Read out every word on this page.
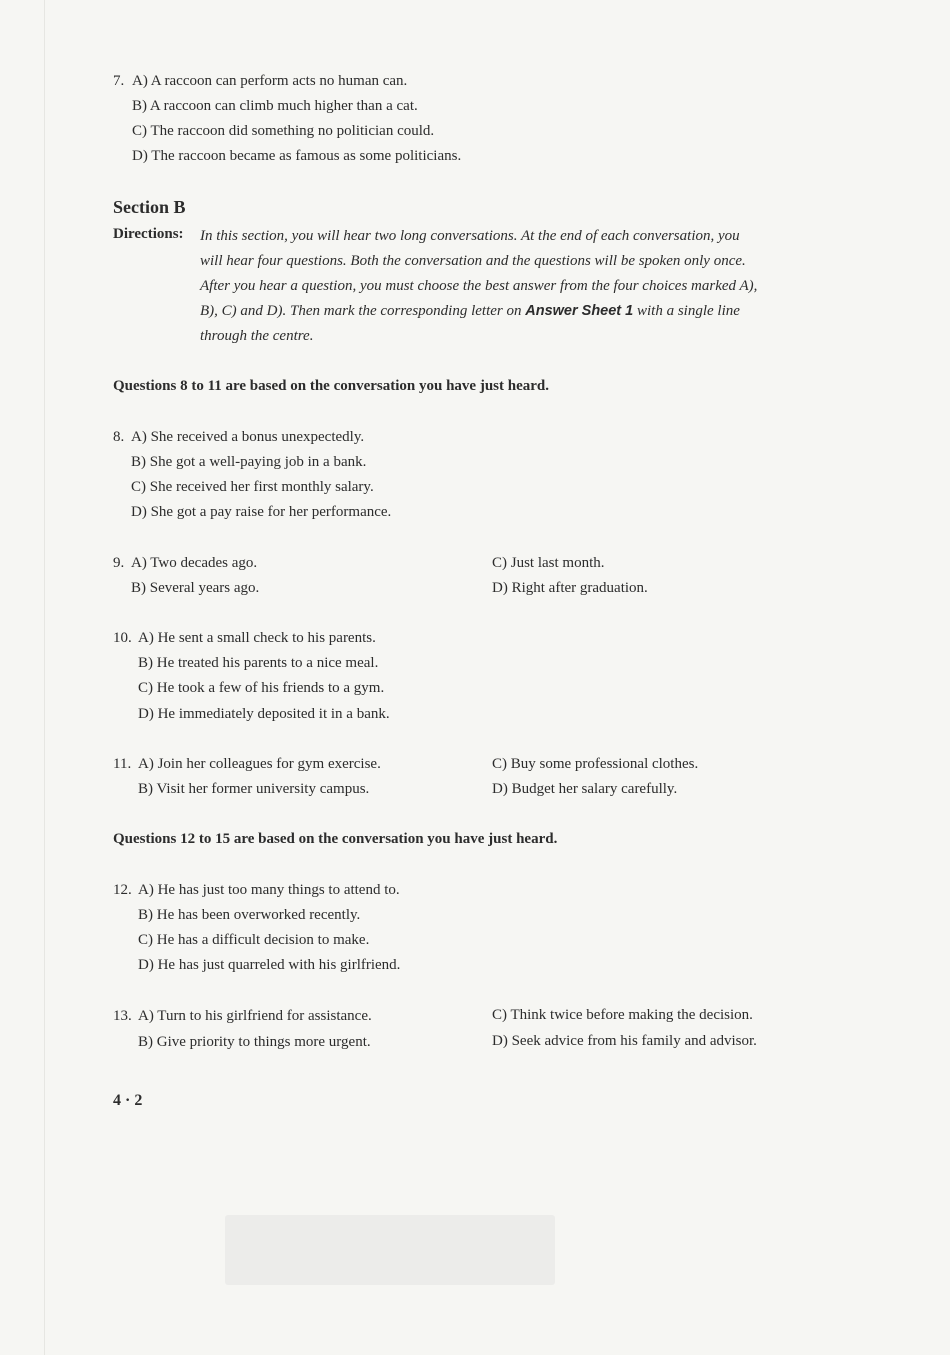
7. A) A raccoon can perform acts no human can.
B) A raccoon can climb much higher than a cat.
C) The raccoon did something no politician could.
D) The raccoon became as famous as some politicians.
Section B
Directions: In this section, you will hear two long conversations. At the end of each conversation, you
will hear four questions. Both the conversation and the questions will be spoken only once.
After you hear a question, you must choose the best answer from the four choices marked A),
B), C) and D). Then mark the corresponding letter on Answer Sheet 1 with a single line
through the centre.
Questions 8 to 11 are based on the conversation you have just heard.
8. A) She received a bonus unexpectedly.
B) She got a well-paying job in a bank.
C) She received her first monthly salary.
D) She got a pay raise for her performance.
9. A) Two decades ago.
B) Several years ago.
C) Just last month.
D) Right after graduation.
10. A) He sent a small check to his parents.
B) He treated his parents to a nice meal.
C) He took a few of his friends to a gym.
D) He immediately deposited it in a bank.
11. A) Join her colleagues for gym exercise.
B) Visit her former university campus.
C) Buy some professional clothes.
D) Budget her salary carefully.
Questions 12 to 15 are based on the conversation you have just heard.
12. A) He has just too many things to attend to.
B) He has been overworked recently.
C) He has a difficult decision to make.
D) He has just quarreled with his girlfriend.
13. A) Turn to his girlfriend for assistance.
B) Give priority to things more urgent.
C) Think twice before making the decision.
D) Seek advice from his family and advisor.
4 · 2
